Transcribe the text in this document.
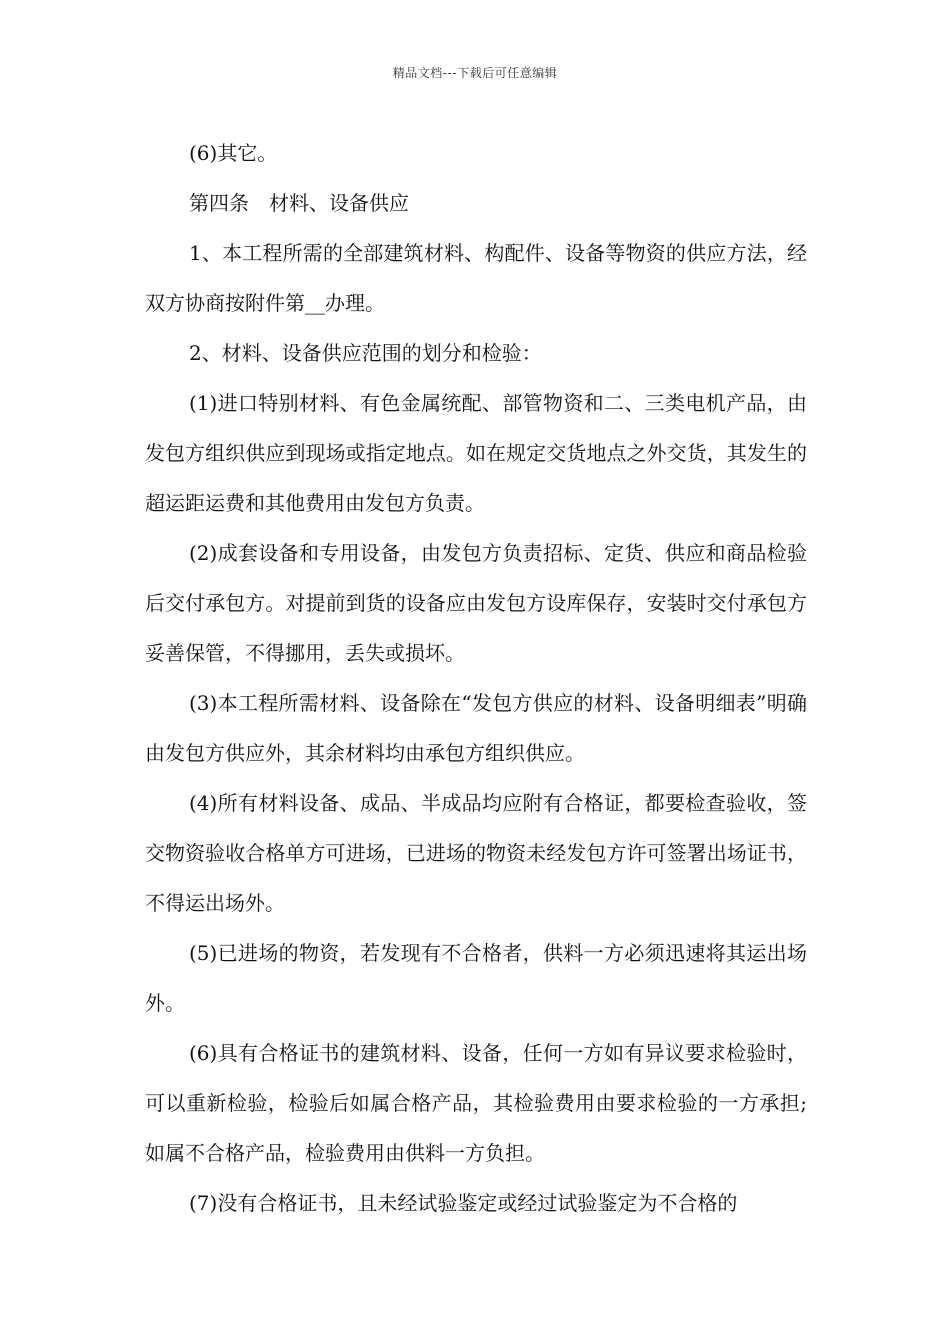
精品文档---下载后可任意编辑

(6)其它。

第四条　材料、设备供应

1、本工程所需的全部建筑材料、构配件、设备等物资的供应方法，经双方协商按附件第__办理。

2、材料、设备供应范围的划分和检验：

(1)进口特别材料、有色金属统配、部管物资和二、三类电机产品，由发包方组织供应到现场或指定地点。如在规定交货地点之外交货，其发生的超运距运费和其他费用由发包方负责。

(2)成套设备和专用设备，由发包方负责招标、定货、供应和商品检验后交付承包方。对提前到货的设备应由发包方设库保存，安装时交付承包方妥善保管，不得挪用，丢失或损坏。

(3)本工程所需材料、设备除在“发包方供应的材料、设备明细表”明确由发包方供应外，其余材料均由承包方组织供应。

(4)所有材料设备、成品、半成品均应附有合格证，都要检查验收，签交物资验收合格单方可进场，已进场的物资未经发包方许可签署出场证书，不得运出场外。

(5)已进场的物资，若发现有不合格者，供料一方必须迅速将其运出场外。

(6)具有合格证书的建筑材料、设备，任何一方如有异议要求检验时，可以重新检验，检验后如属合格产品，其检验费用由要求检验的一方承担;如属不合格产品，检验费用由供料一方负担。

(7)没有合格证书，且未经试验鉴定或经过试验鉴定为不合格的
